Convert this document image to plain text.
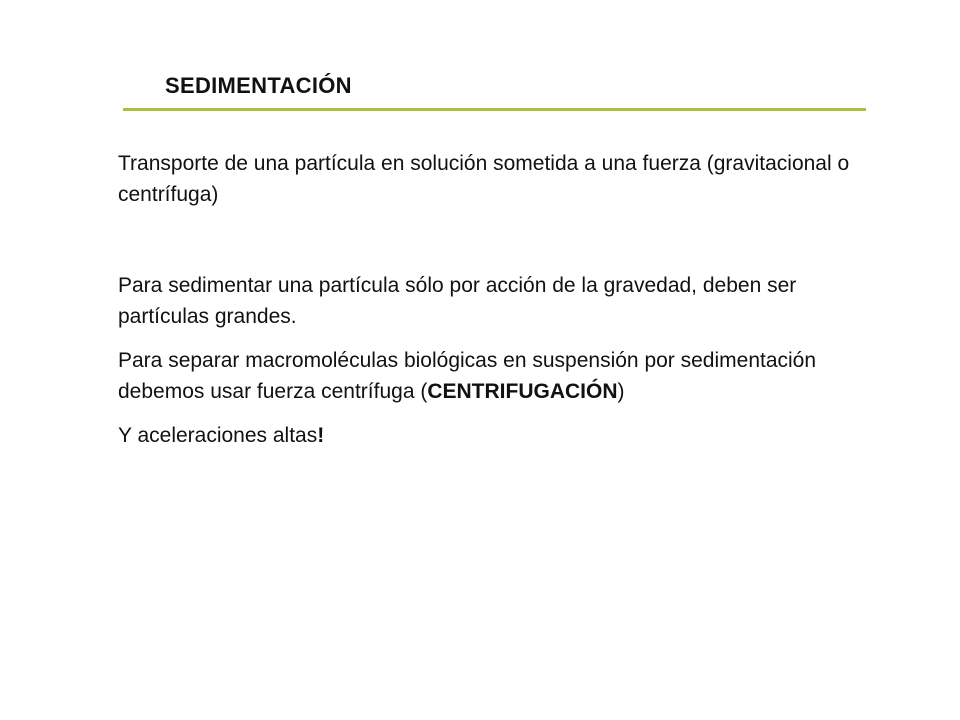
SEDIMENTACIÓN

Transporte de una partícula en solución sometida a una fuerza (gravitacional o centrífuga)

Para sedimentar una partícula sólo por acción de la gravedad, deben ser partículas grandes.

Para separar macromoléculas biológicas en suspensión por sedimentación debemos usar fuerza centrífuga (CENTRIFUGACIÓN)

Y aceleraciones altas!
